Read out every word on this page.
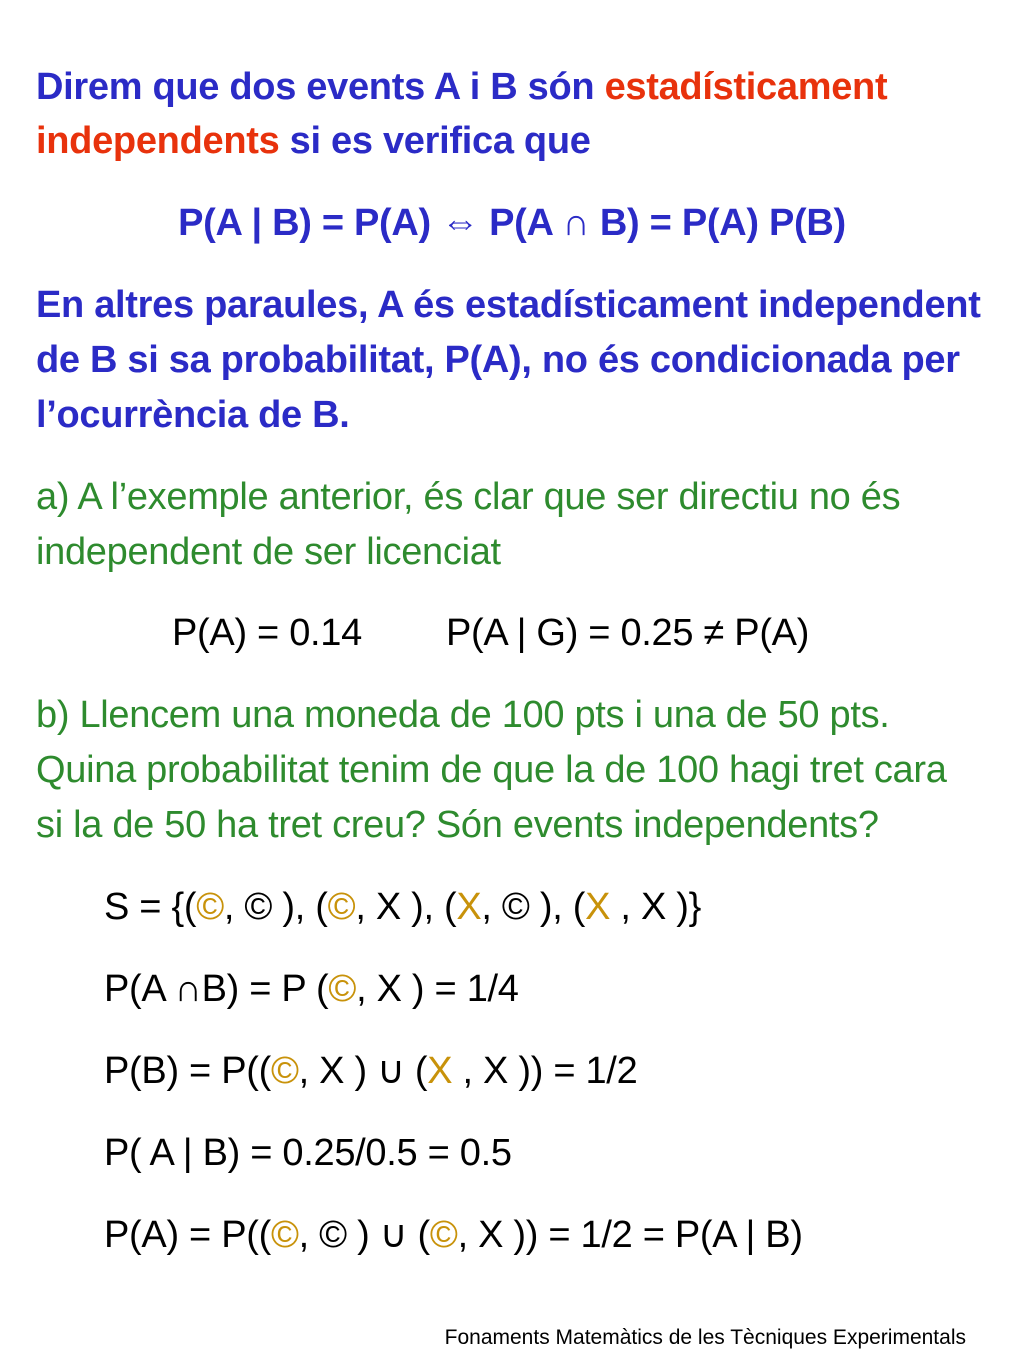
Direm que dos events A i B són estadísticament
independents si es verifica que
P(A | B) = P(A) ⇔ P(A ∩ B) = P(A) P(B)
En altres paraules, A és estadísticament independent
de B si sa probabilitat, P(A), no és condicionada per
l’ocurrència de B.
a) A l’exemple anterior, és clar que ser directiu no és
independent de ser licenciat
P(A) = 0.14	P(A | G) = 0.25 ≠ P(A)
b) Llencem una moneda de 100 pts i una de 50 pts.
Quina probabilitat tenim de que la de 100 hagi tret cara
si la de 50 ha tret creu? Són events independents?
S = {(©, © ), (©, X ), (X, © ), (X , X )}
P(A ∩B) = P (©, X ) = 1/4
P(B) = P((©, X ) ∪ (X , X )) = 1/2
P( A | B) = 0.25/0.5 = 0.5
P(A) = P((©, © ) ∪ (©, X )) = 1/2 = P(A | B)
Fonaments Matemàtics de les Tècniques Experimentals
